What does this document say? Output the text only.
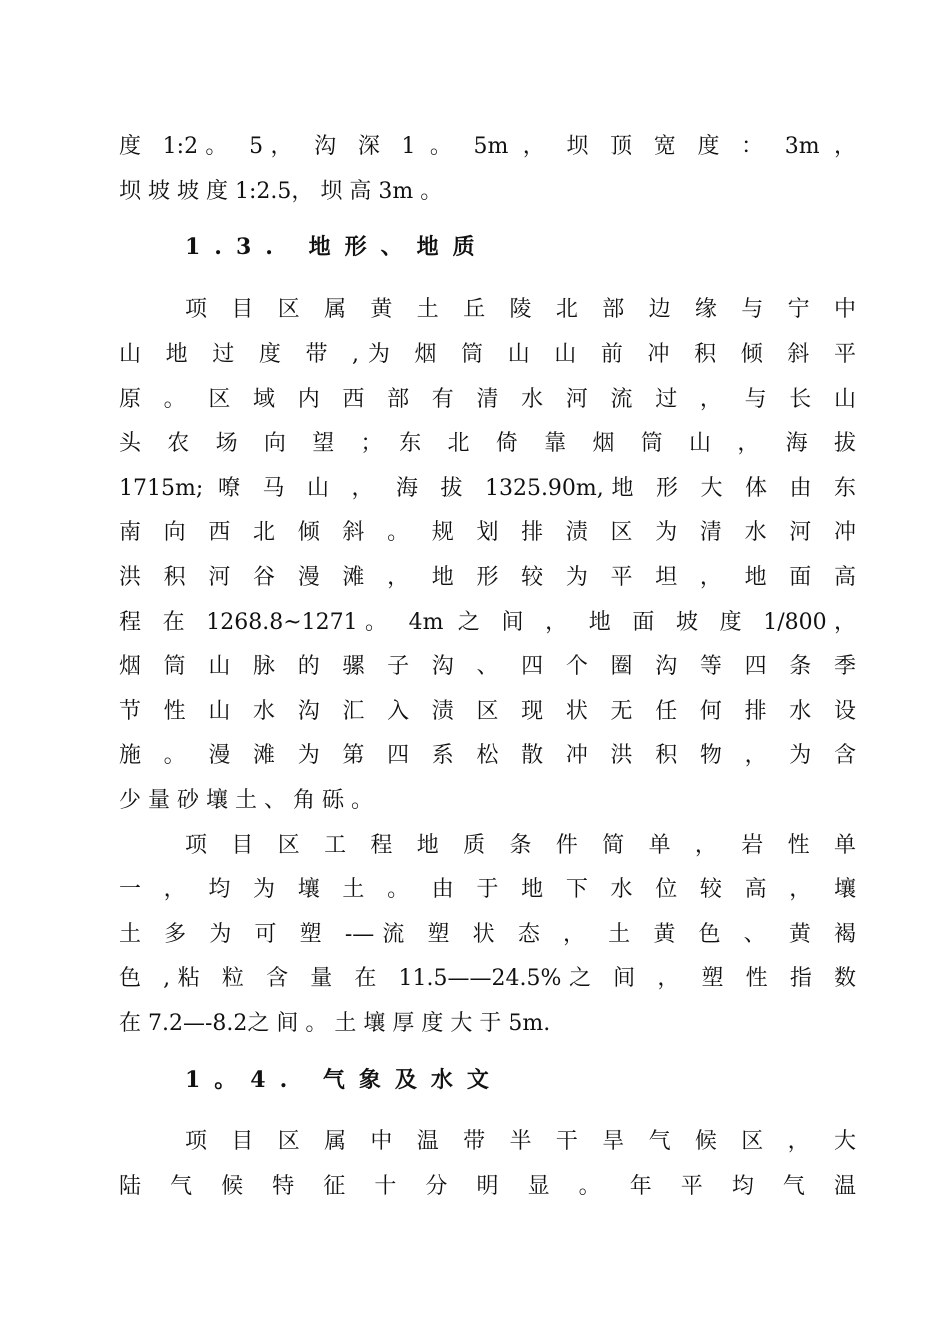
度 1:2。 5， 沟 深 1 。 5m ， 坝 顶 宽 度 ： 3m ，
坝 坡 坡 度 1:2.5， 坝 高 3m 。
1.3. 地形、地质
项 目 区 属 黄 土 丘 陵 北 部 边 缘 与 宁 中
山 地 过 度 带 ,为 烟 筒 山 山 前 冲 积 倾 斜 平
原 。 区 域 内 西 部 有 清 水 河 流 过 ， 与 长 山
头 农 场 向 望 ； 东 北 倚 靠 烟 筒 山 ， 海 拔
1715m; 嘹 马 山 ， 海 拔 1325.90m,地 形 大 体 由 东
南 向 西 北 倾 斜 。 规 划 排 渍 区 为 清 水 河 冲
洪 积 河 谷 漫 滩 ， 地 形 较 为 平 坦 ， 地 面 高
程 在 1268.8~1271。 4m 之 间 ， 地 面 坡 度 1/800，
烟 筒 山 脉 的 骡 子 沟 、 四 个 圈 沟 等 四 条 季
节 性 山 水 沟 汇 入 渍 区 现 状 无 任 何 排 水 设
施 。 漫 滩 为 第 四 系 松 散 冲 洪 积 物 ， 为 含
少 量 砂 壤 土 、 角 砾 。
项 目 区 工 程 地 质 条 件 简 单 ， 岩 性 单
一 ， 均 为 壤 土 。 由 于 地 下 水 位 较 高 ， 壤
土 多 为 可 塑 -—流 塑 状 态 ， 土 黄 色 、 黄 褐
色 ,粘 粒 含 量 在 11.5——24.5%之 间 ， 塑 性 指 数
在 7.2—-8.2之 间 。 土 壤 厚 度 大 于 5m.
1。4. 气象及水文
项 目 区 属 中 温 带 半 干 旱 气 候 区 ， 大
陆 气 候 特 征 十 分 明 显 。 年 平 均 气 温
